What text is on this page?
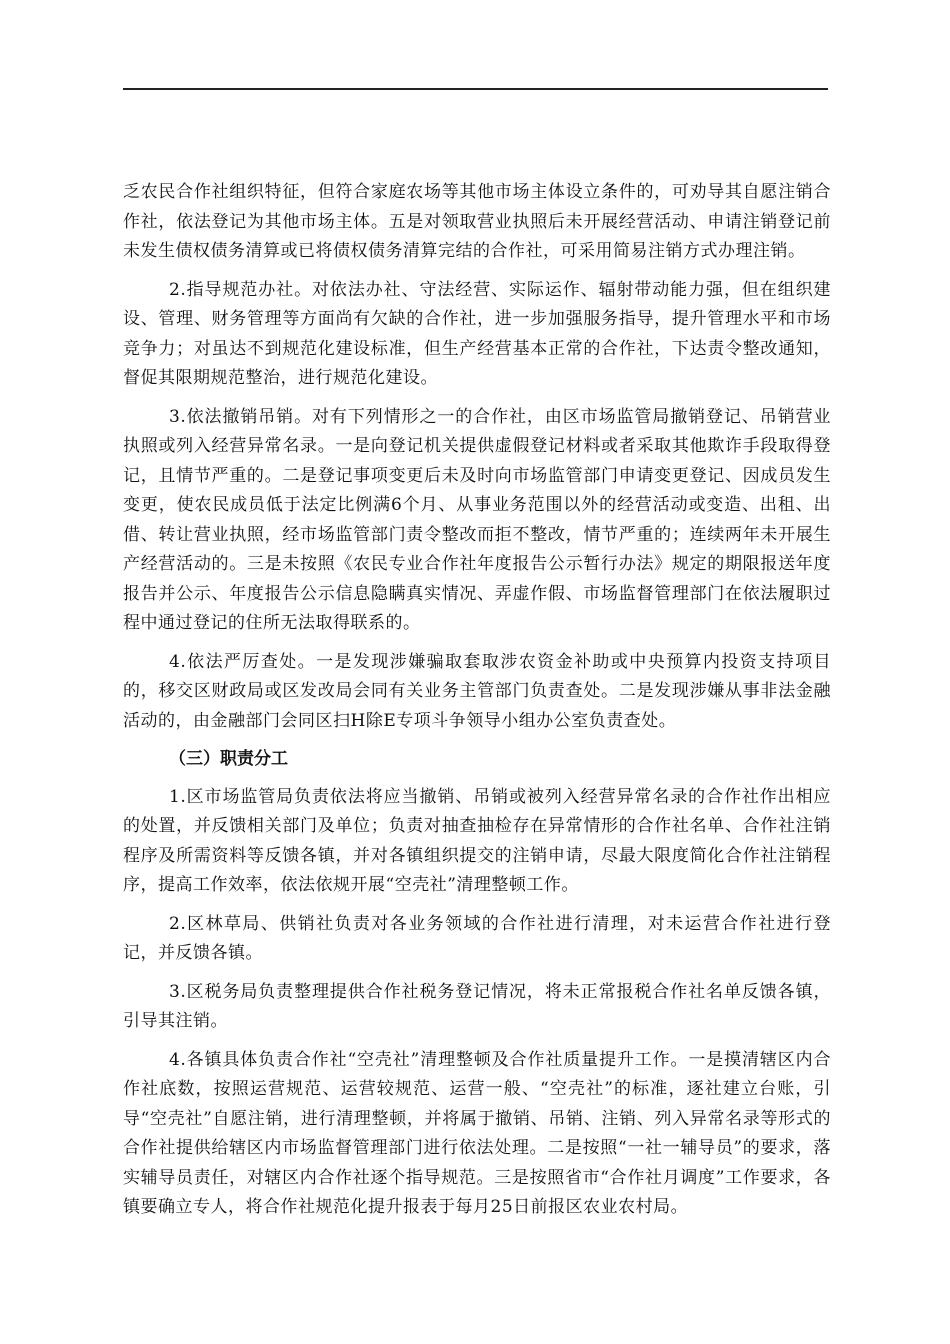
乏农民合作社组织特征，但符合家庭农场等其他市场主体设立条件的，可劝导其自愿注销合作社，依法登记为其他市场主体。五是对领取营业执照后未开展经营活动、申请注销登记前未发生债权债务清算或已将债权债务清算完结的合作社，可采用简易注销方式办理注销。

2.指导规范办社。对依法办社、守法经营、实际运作、辐射带动能力强，但在组织建设、管理、财务管理等方面尚有欠缺的合作社，进一步加强服务指导，提升管理水平和市场竞争力；对虽达不到规范化建设标准，但生产经营基本正常的合作社，下达责令整改通知，督促其限期规范整治，进行规范化建设。

3.依法撤销吊销。对有下列情形之一的合作社，由区市场监管局撤销登记、吊销营业执照或列入经营异常名录。一是向登记机关提供虚假登记材料或者采取其他欺诈手段取得登记，且情节严重的。二是登记事项变更后未及时向市场监管部门申请变更登记、因成员发生变更，使农民成员低于法定比例满6个月、从事业务范围以外的经营活动或变造、出租、出借、转让营业执照，经市场监管部门责令整改而拒不整改，情节严重的；连续两年未开展生产经营活动的。三是未按照《农民专业合作社年度报告公示暂行办法》规定的期限报送年度报告并公示、年度报告公示信息隐瞒真实情况、弄虚作假、市场监督管理部门在依法履职过程中通过登记的住所无法取得联系的。

4.依法严厉查处。一是发现涉嫌骗取套取涉农资金补助或中央预算内投资支持项目的，移交区财政局或区发改局会同有关业务主管部门负责查处。二是发现涉嫌从事非法金融活动的，由金融部门会同区扫H除E专项斗争领导小组办公室负责查处。

（三）职责分工

1.区市场监管局负责依法将应当撤销、吊销或被列入经营异常名录的合作社作出相应的处置，并反馈相关部门及单位；负责对抽查抽检存在异常情形的合作社名单、合作社注销程序及所需资料等反馈各镇，并对各镇组织提交的注销申请，尽最大限度简化合作社注销程序，提高工作效率，依法依规开展“空壳社”清理整顿工作。

2.区林草局、供销社负责对各业务领域的合作社进行清理，对未运营合作社进行登记，并反馈各镇。

3.区税务局负责整理提供合作社税务登记情况，将未正常报税合作社名单反馈各镇，引导其注销。

4.各镇具体负责合作社“空壳社”清理整顿及合作社质量提升工作。一是摸清辖区内合作社底数，按照运营规范、运营较规范、运营一般、“空壳社”的标准，逐社建立台账，引导“空壳社”自愿注销，进行清理整顿，并将属于撤销、吊销、注销、列入异常名录等形式的合作社提供给辖区内市场监督管理部门进行依法处理。二是按照“一社一辅导员”的要求，落实辅导员责任，对辖区内合作社逐个指导规范。三是按照省市“合作社月调度”工作要求，各镇要确立专人，将合作社规范化提升报表于每月25日前报区农业农村局。
